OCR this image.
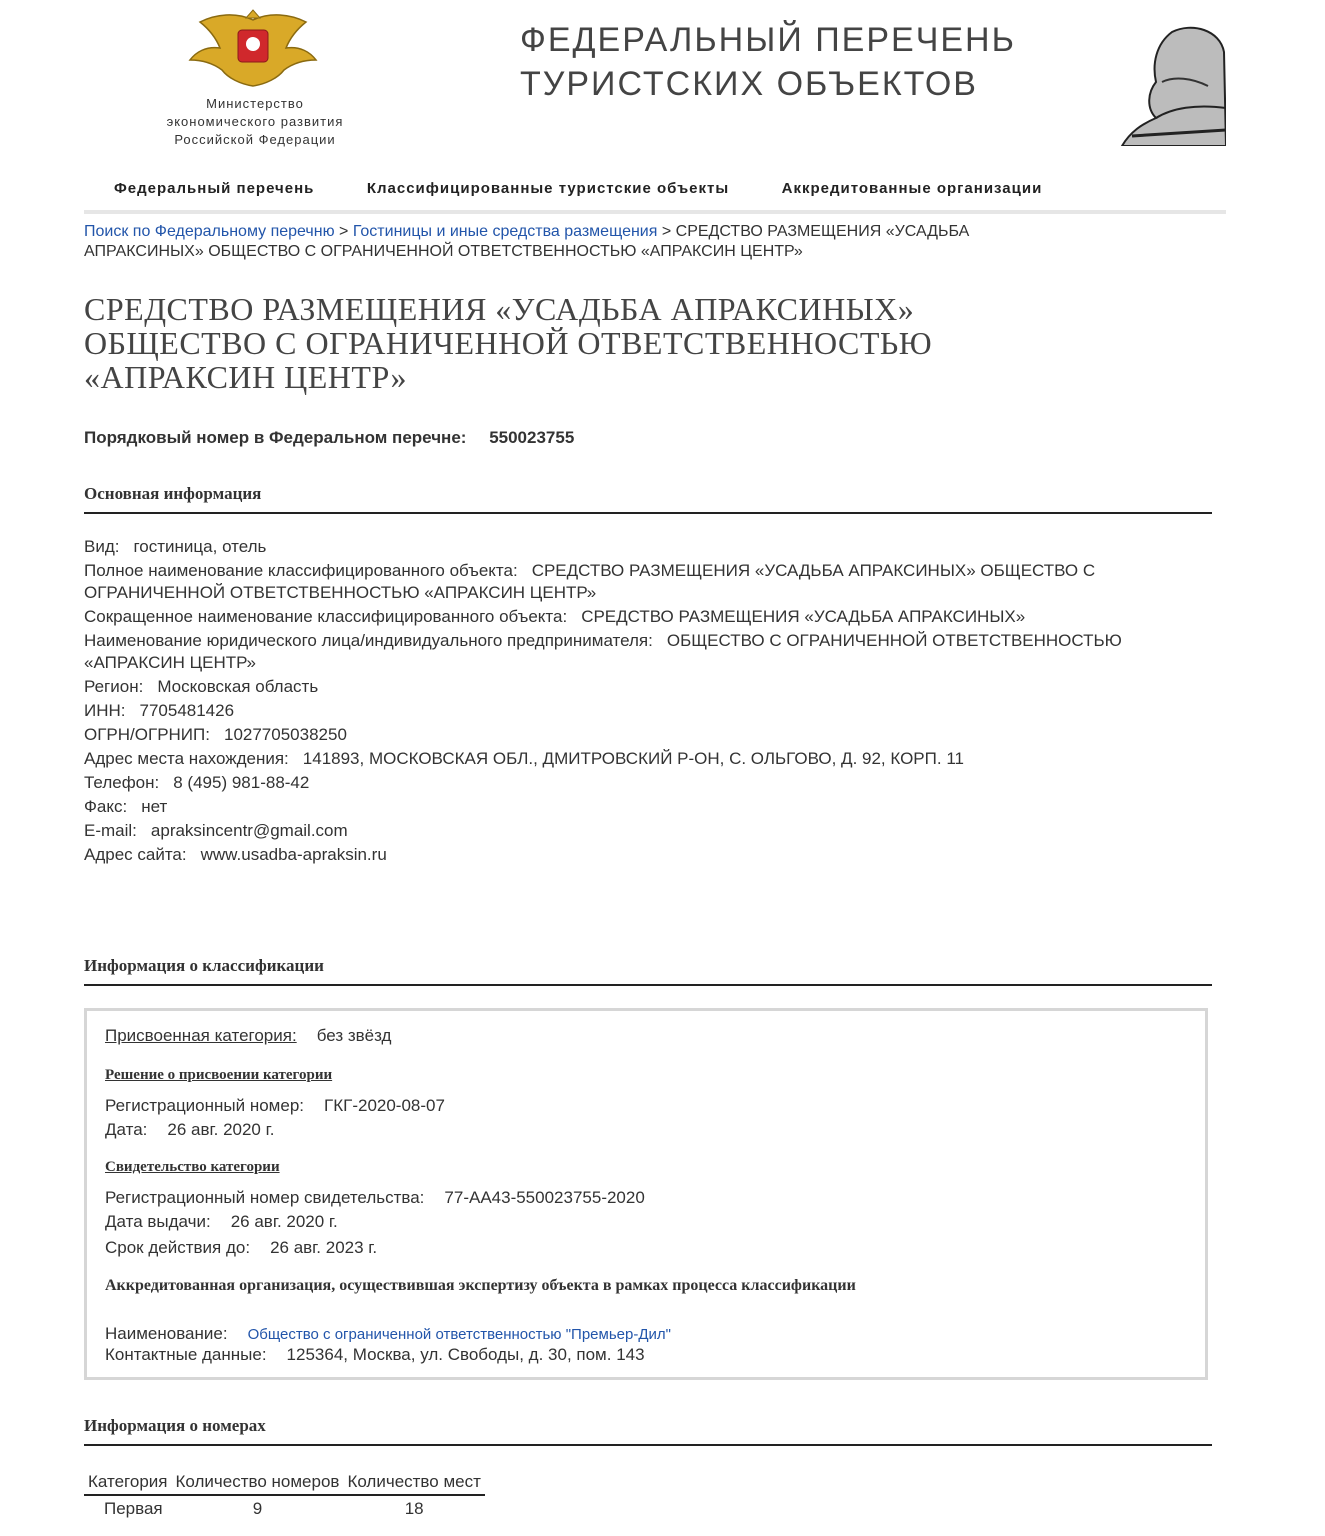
Министерство
экономического развития
Российской Федерации
ФЕДЕРАЛЬНЫЙ ПЕРЕЧЕНЬ
ТУРИСТСКИХ ОБЪЕКТОВ
Федеральный перечень	Классифицированные туристские объекты	Аккредитованные организации
Поиск по Федеральному перечню > Гостиницы и иные средства размещения > СРЕДСТВО РАЗМЕЩЕНИЯ «УСАДЬБА АПРАКСИНЫХ» ОБЩЕСТВО С ОГРАНИЧЕННОЙ ОТВЕТСТВЕННОСТЬЮ «АПРАКСИН ЦЕНТР»
СРЕДСТВО РАЗМЕЩЕНИЯ «УСАДЬБА АПРАКСИНЫХ»
ОБЩЕСТВО С ОГРАНИЧЕННОЙ ОТВЕТСТВЕННОСТЬЮ
«АПРАКСИН ЦЕНТР»
Порядковый номер в Федеральном перечне: 550023755
Основная информация
Вид: гостиница, отель
Полное наименование классифицированного объекта: СРЕДСТВО РАЗМЕЩЕНИЯ «УСАДЬБА АПРАКСИНЫХ» ОБЩЕСТВО С ОГРАНИЧЕННОЙ ОТВЕТСТВЕННОСТЬЮ «АПРАКСИН ЦЕНТР»
Сокращенное наименование классифицированного объекта: СРЕДСТВО РАЗМЕЩЕНИЯ «УСАДЬБА АПРАКСИНЫХ»
Наименование юридического лица/индивидуального предпринимателя: ОБЩЕСТВО С ОГРАНИЧЕННОЙ ОТВЕТСТВЕННОСТЬЮ «АПРАКСИН ЦЕНТР»
Регион: Московская область
ИНН: 7705481426
ОГРН/ОГРНИП: 1027705038250
Адрес места нахождения: 141893, МОСКОВСКАЯ ОБЛ., ДМИТРОВСКИЙ Р-ОН, С. ОЛЬГОВО, Д. 92, КОРП. 11
Телефон: 8 (495) 981-88-42
Факс: нет
E-mail: apraksincentr@gmail.com
Адрес сайта: www.usadba-apraksin.ru
Информация о классификации
Присвоенная категория: без звёзд
Решение о присвоении категории
Регистрационный номер: ГКГ-2020-08-07
Дата: 26 авг. 2020 г.
Свидетельство категории
Регистрационный номер свидетельства: 77-АА43-550023755-2020
Дата выдачи: 26 авг. 2020 г.
Срок действия до: 26 авг. 2023 г.
Аккредитованная организация, осуществившая экспертизу объекта в рамках процесса классификации
Наименование: Общество с ограниченной ответственностью "Премьер-Дил"
Контактные данные: 125364, Москва, ул. Свободы, д. 30, пом. 143
Информация о номерах
Категория	Количество номеров	Количество мест
Первая	9	18
